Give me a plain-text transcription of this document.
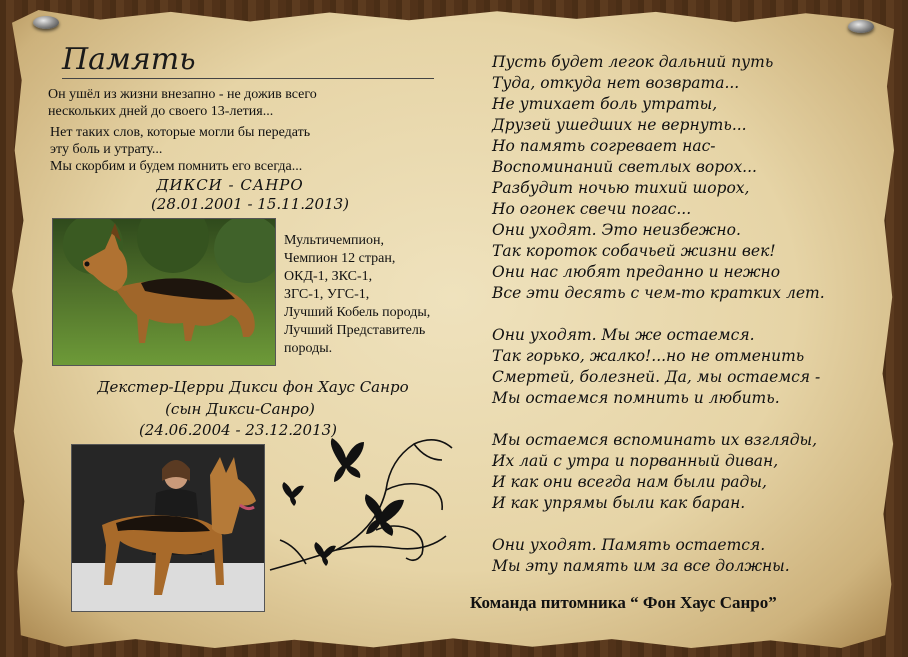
Память
Он ушёл из жизни внезапно - не дожив всего
нескольких дней до своего 13-летия...
Нет таких слов, которые могли бы передать
эту боль и утрату...
Мы скорбим и будем помнить его всегда...
ДИКСИ - САНРО
(28.01.2001 - 15.11.2013)
Мультичемпион,
Чемпион 12 стран,
ОКД-1, ЗКС-1,
ЗГС-1, УГС-1,
Лучший Кобель породы,
Лучший Представитель
породы.
Декстер-Церри Дикси фон Хаус Санро
(сын Дикси-Санро)
(24.06.2004 - 23.12.2013)
Пусть будет легок дальний путь
Туда, откуда нет возврата...
Не утихает боль утраты,
Друзей ушедших не вернуть...
Но память согревает нас-
Воспоминаний светлых ворох...
Разбудит ночью тихий шорох,
Но огонек свечи погас...
Они уходят. Это неизбежно.
Так короток собачьей жизни век!
Они нас любят преданно и нежно
Все эти десять с чем-то кратких лет.
Они уходят. Мы же остаемся.
Так горько, жалко!...но не отменить
Смертей, болезней. Да, мы остаемся -
Мы остаемся помнить и любить.
Мы остаемся вспоминать их взгляды,
Их лай с утра и порванный диван,
И как они всегда нам были рады,
И как упрямы были как баран.
Они уходят. Память остается.
Мы эту память им за все должны.
Команда питомника “ Фон Хаус Санро”
